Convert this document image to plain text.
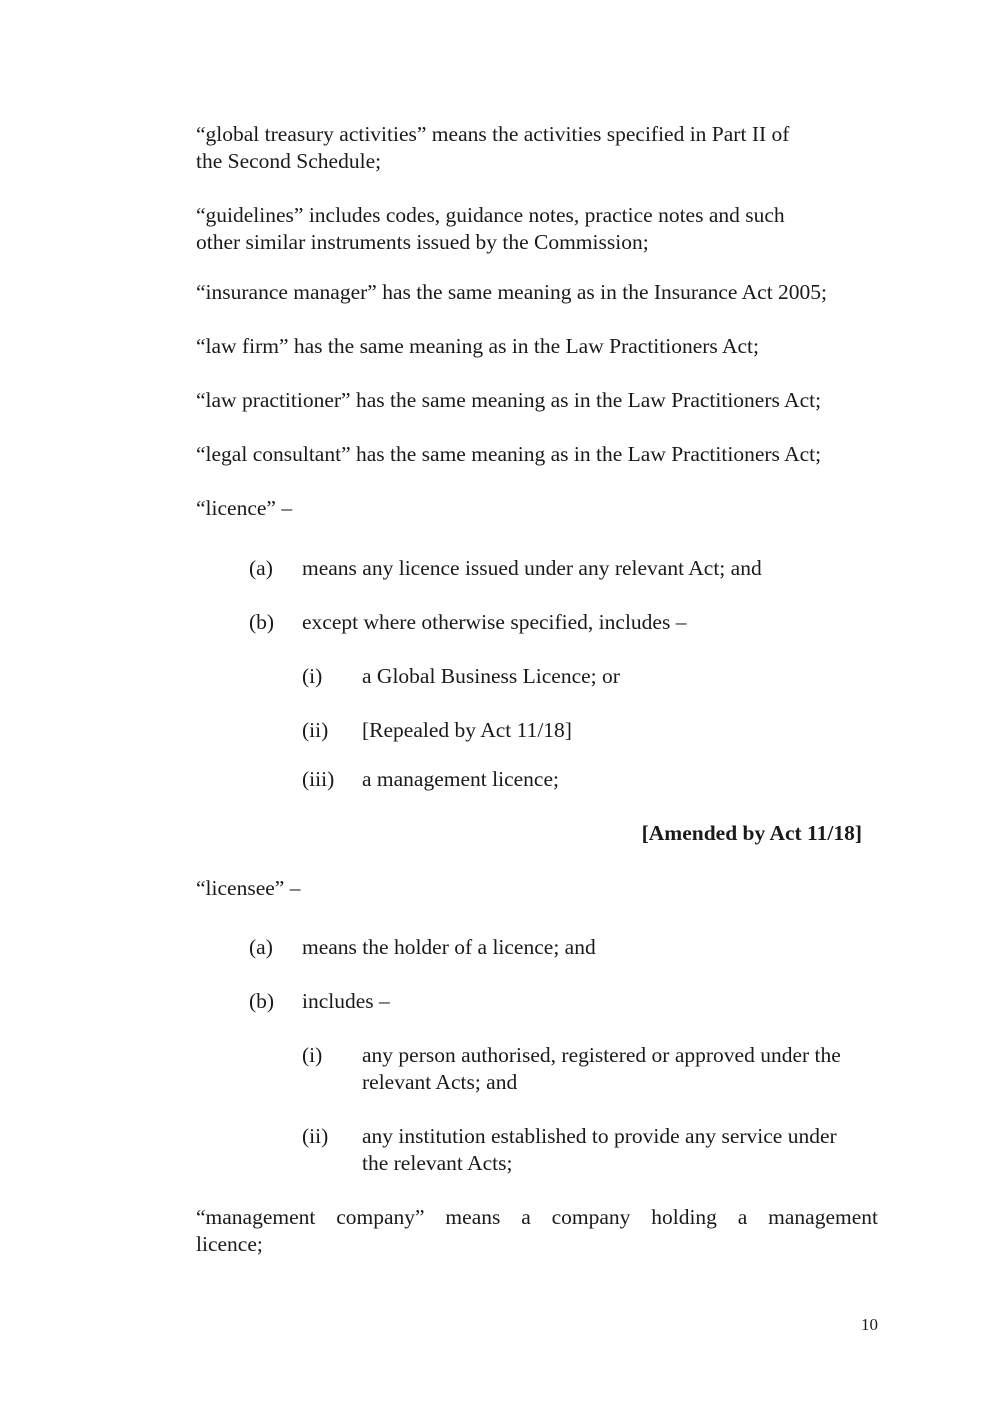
“global treasury activities” means the activities specified in Part II of
the Second Schedule;
“guidelines” includes codes, guidance notes, practice notes and such
other similar instruments issued by the Commission;
“insurance manager” has the same meaning as in the Insurance Act 2005;
“law firm” has the same meaning as in the Law Practitioners Act;
“law practitioner” has the same meaning as in the Law Practitioners Act;
“legal consultant” has the same meaning as in the Law Practitioners Act;
“licence” –
(a) means any licence issued under any relevant Act; and
(b) except where otherwise specified, includes –
(i) a Global Business Licence; or
(ii) [Repealed by Act 11/18]
(iii) a management licence;
[Amended by Act 11/18]
“licensee” –
(a) means the holder of a licence; and
(b) includes –
(i) any person authorised, registered or approved under the
relevant Acts; and
(ii) any institution established to provide any service under
the relevant Acts;
“management company” means a company holding a management
licence;
10
